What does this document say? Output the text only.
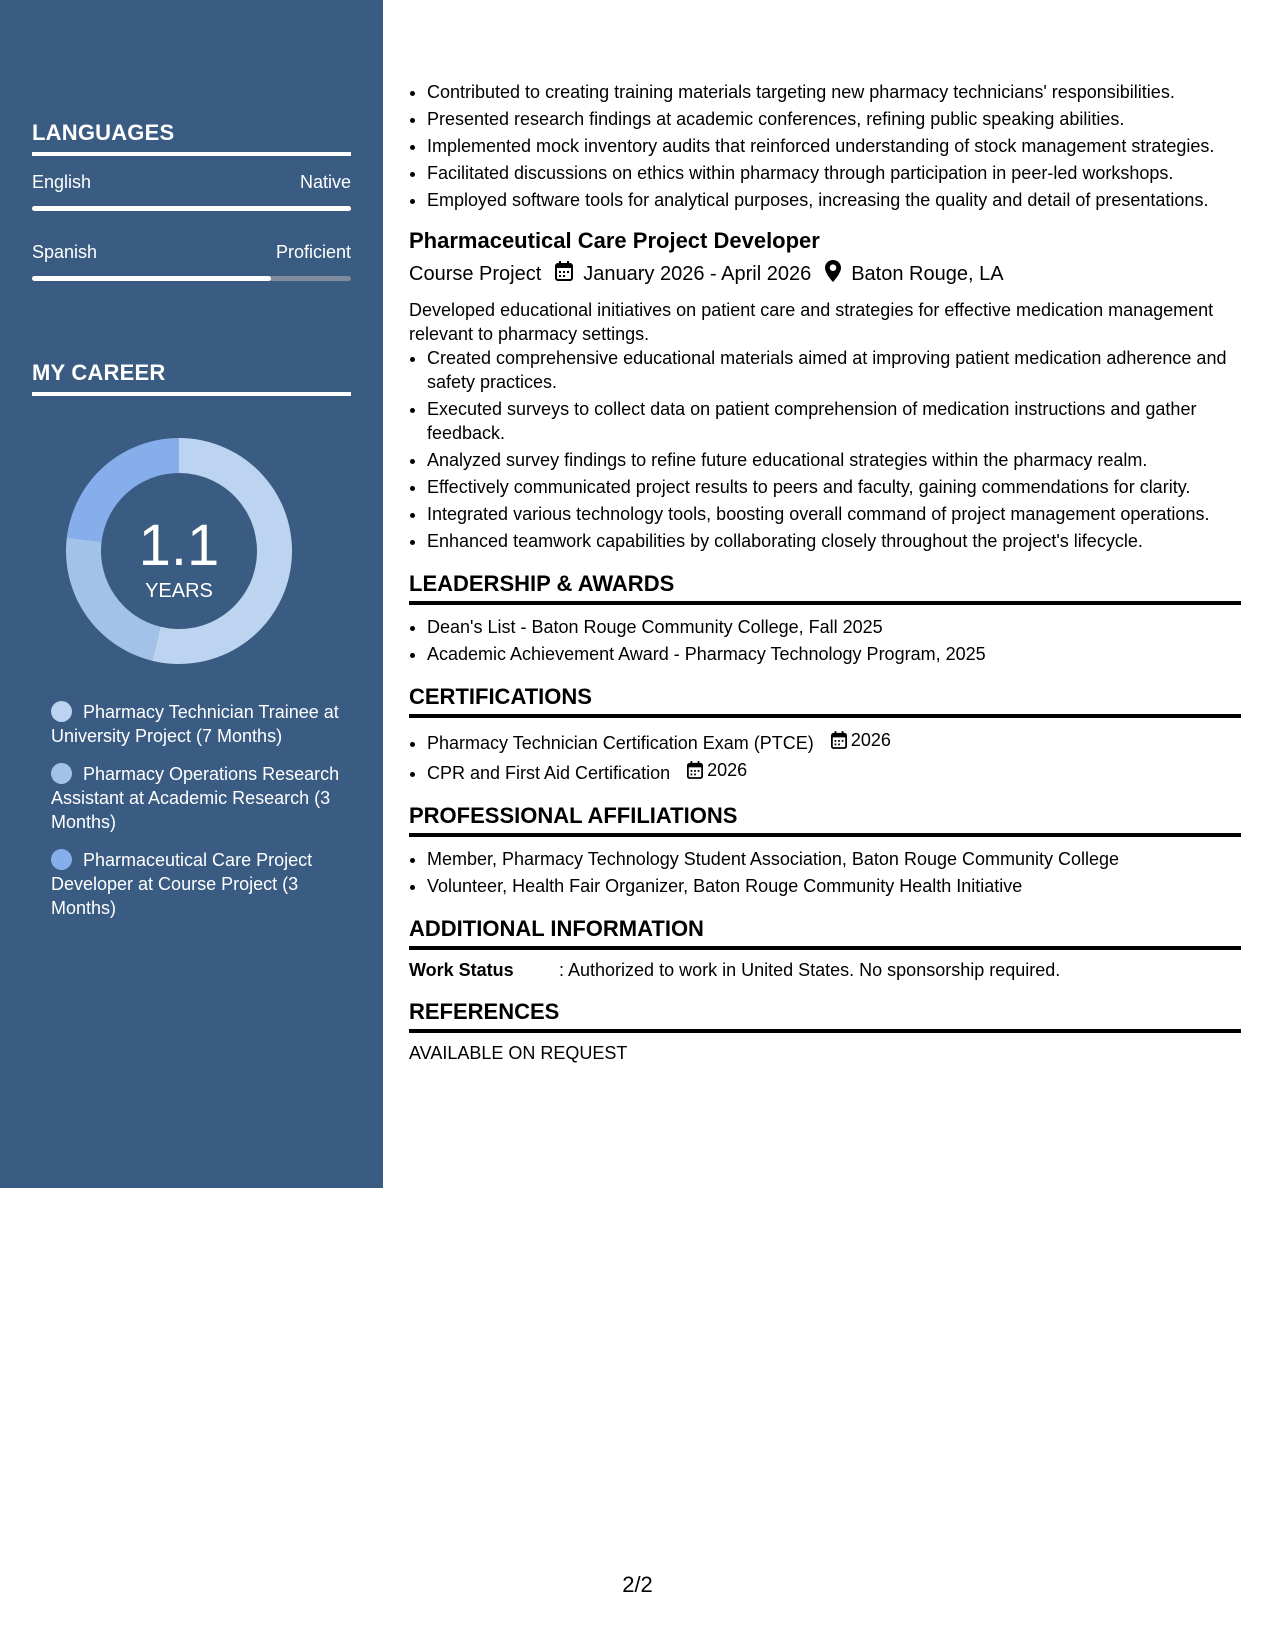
LANGUAGES
English	Native
Spanish	Proficient
MY CAREER
1.1
YEARS
Pharmacy Technician Trainee at University Project (7 Months)
Pharmacy Operations Research Assistant at Academic Research (3 Months)
Pharmaceutical Care Project Developer at Course Project (3 Months)
• Contributed to creating training materials targeting new pharmacy technicians' responsibilities.
• Presented research findings at academic conferences, refining public speaking abilities.
• Implemented mock inventory audits that reinforced understanding of stock management strategies.
• Facilitated discussions on ethics within pharmacy through participation in peer-led workshops.
• Employed software tools for analytical purposes, increasing the quality and detail of presentations.
Pharmaceutical Care Project Developer
Course Project January 2026 - April 2026 Baton Rouge, LA

Developed educational initiatives on patient care and strategies for effective medication management relevant to pharmacy settings.

• Created comprehensive educational materials aimed at improving patient medication adherence and safety practices.
• Executed surveys to collect data on patient comprehension of medication instructions and gather feedback.
• Analyzed survey findings to refine future educational strategies within the pharmacy realm.
• Effectively communicated project results to peers and faculty, gaining commendations for clarity.
• Integrated various technology tools, boosting overall command of project management operations.
• Enhanced teamwork capabilities by collaborating closely throughout the project's lifecycle.
LEADERSHIP & AWARDS
• Dean's List - Baton Rouge Community College, Fall 2025
• Academic Achievement Award - Pharmacy Technology Program, 2025
CERTIFICATIONS
• Pharmacy Technician Certification Exam (PTCE) 2026
• CPR and First Aid Certification 2026
PROFESSIONAL AFFILIATIONS
• Member, Pharmacy Technology Student Association, Baton Rouge Community College
• Volunteer, Health Fair Organizer, Baton Rouge Community Health Initiative
ADDITIONAL INFORMATION
Work Status	: Authorized to work in United States. No sponsorship required.
REFERENCES
AVAILABLE ON REQUEST
2/2
